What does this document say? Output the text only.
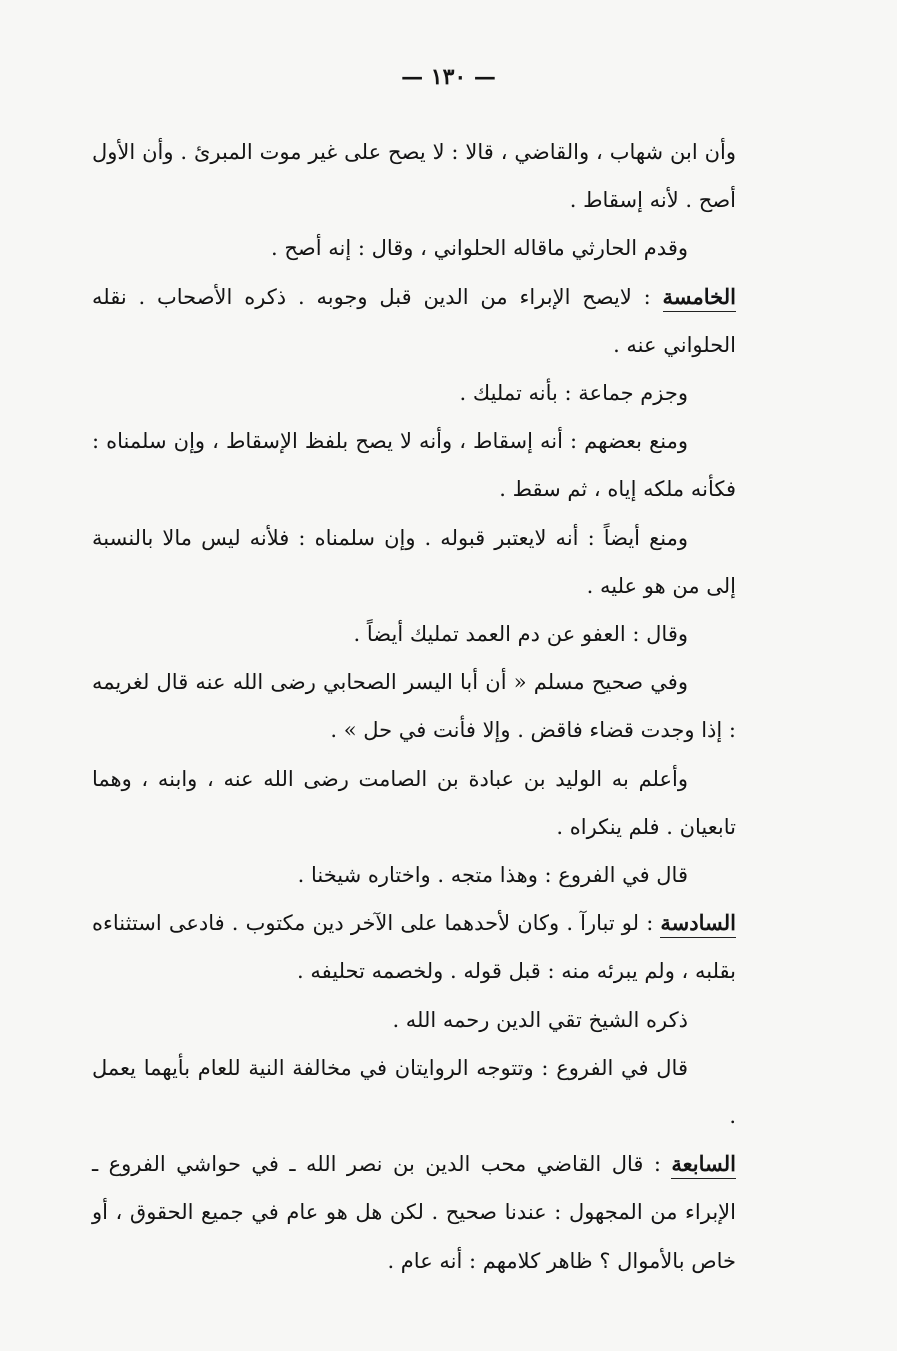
— ١٣٠ —

وأن ابن شهاب ، والقاضي ، قالا : لا يصح على غير موت المبرئ . وأن الأول أصح . لأنه إسقاط .

وقدم الحارثي ماقاله الحلواني ، وقال : إنه أصح .

الخامسة : لايصح الإبراء من الدين قبل وجوبه . ذكره الأصحاب . نقله الحلواني عنه .

وجزم جماعة : بأنه تمليك .

ومنع بعضهم : أنه إسقاط ، وأنه لا يصح بلفظ الإسقاط ، وإن سلمناه : فكأنه ملكه إياه ، ثم سقط .

ومنع أيضاً : أنه لايعتبر قبوله . وإن سلمناه : فلأنه ليس مالا بالنسبة إلى من هو عليه .

وقال : العفو عن دم العمد تمليك أيضاً .

وفي صحيح مسلم « أن أبا اليسر الصحابي رضى الله عنه قال لغريمه : إذا وجدت قضاء فاقض . وإلا فأنت في حل » .

وأعلم به الوليد بن عبادة بن الصامت رضى الله عنه ، وابنه ، وهما تابعيان . فلم ينكراه .

قال في الفروع : وهذا متجه . واختاره شيخنا .

السادسة : لو تبارآ . وكان لأحدهما على الآخر دين مكتوب . فادعى استثناءه بقلبه ، ولم يبرئه منه : قبل قوله . ولخصمه تحليفه .

ذكره الشيخ تقي الدين رحمه الله .

قال في الفروع : وتتوجه الروايتان في مخالفة النية للعام بأيهما يعمل .

السابعة : قال القاضي محب الدين بن نصر الله ـ في حواشي الفروع ـ الإبراء من المجهول : عندنا صحيح . لكن هل هو عام في جميع الحقوق ، أو خاص بالأموال ؟ ظاهر كلامهم : أنه عام .
